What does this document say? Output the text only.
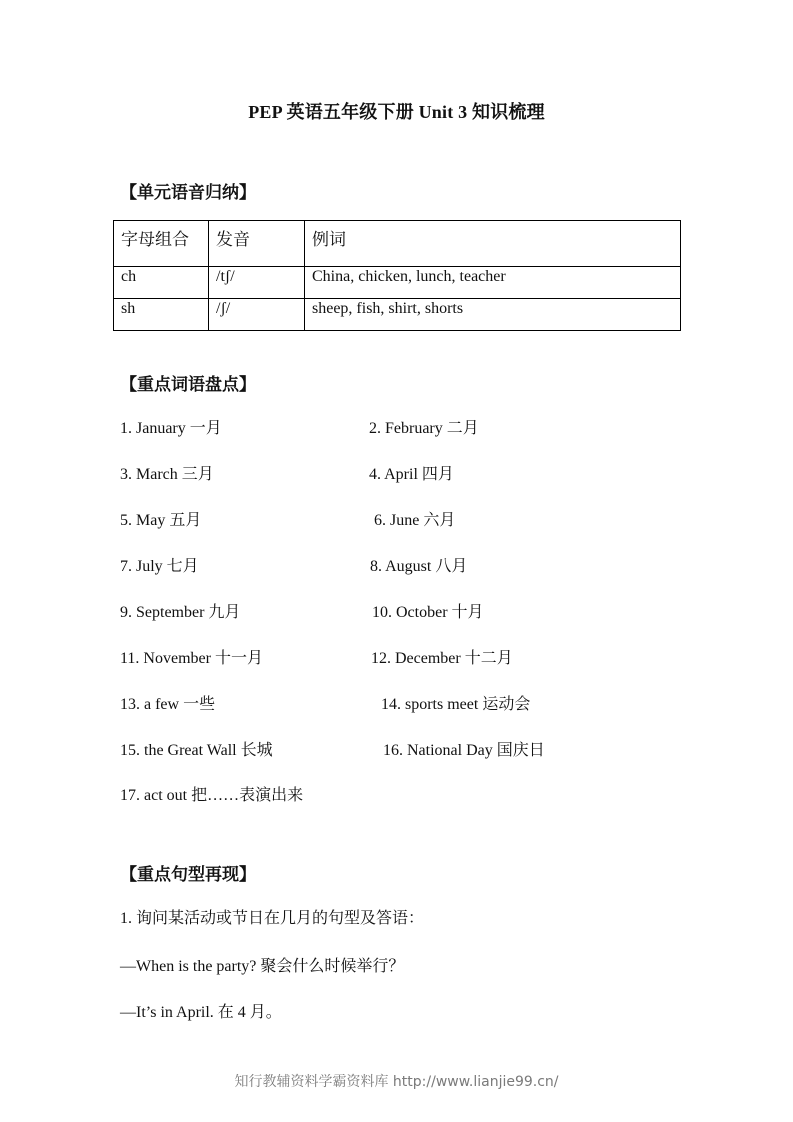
PEP 英语五年级下册 Unit 3 知识梳理
【单元语音归纳】
字母组合	发音	例词
ch	/tʃ/	China, chicken, lunch, teacher
sh	/ʃ/	sheep, fish, shirt, shorts
【重点词语盘点】
1. January 一月	2. February 二月
3. March 三月	4. April 四月
5. May 五月	6. June 六月
7. July 七月	8. August 八月
9. September 九月	10. October 十月
11. November 十一月	12. December 十二月
13. a few 一些	14. sports meet 运动会
15. the Great Wall 长城	16. National Day 国庆日
17. act out 把……表演出来
【重点句型再现】
1. 询问某活动或节日在几月的句型及答语：
—When is the party? 聚会什么时候举行？
—It’s in April. 在 4 月。
知行教辅资料学霸资料库 http://www.lianjie99.cn/
